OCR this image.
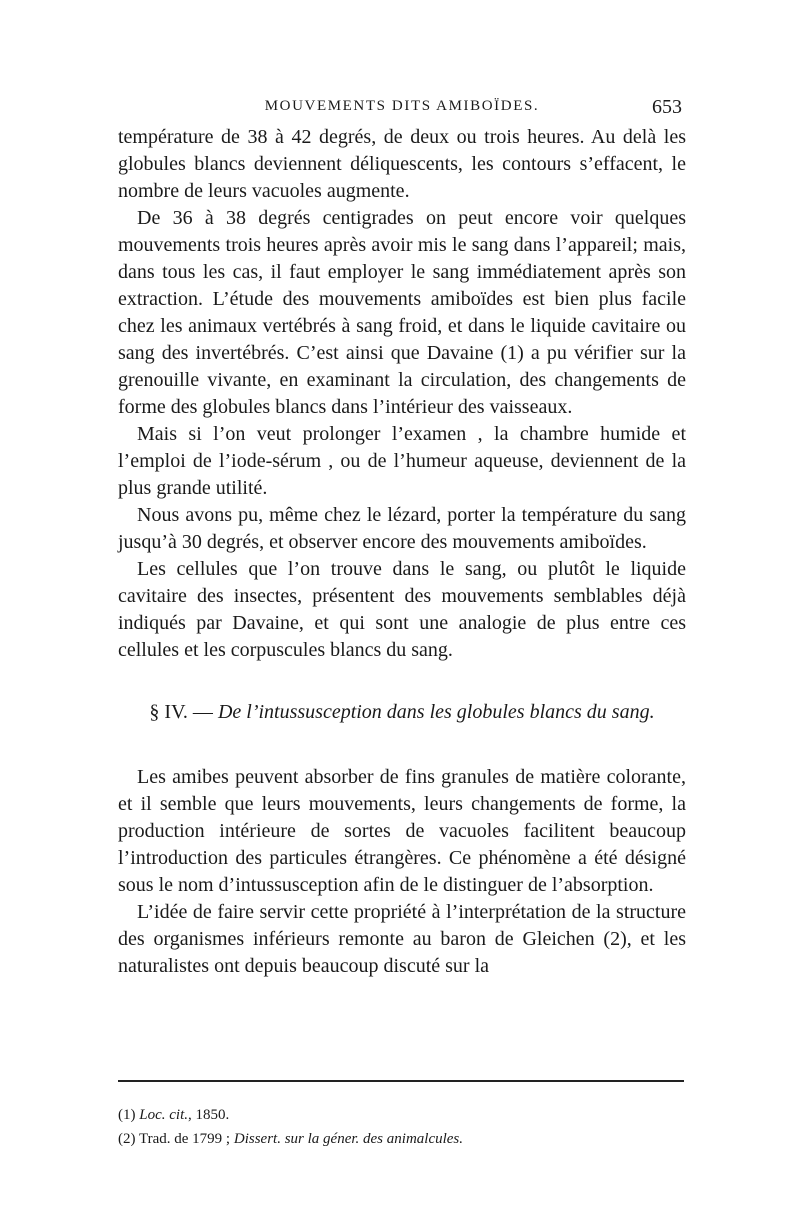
MOUVEMENTS DITS AMIBOÏDES.	653

température de 38 à 42 degrés, de deux ou trois heures. Au delà les globules blancs deviennent déliquescents, les contours s’effacent, le nombre de leurs vacuoles augmente.

De 36 à 38 degrés centigrades on peut encore voir quelques mouvements trois heures après avoir mis le sang dans l’appareil; mais, dans tous les cas, il faut employer le sang immédiatement après son extraction. L’étude des mouvements amiboïdes est bien plus facile chez les animaux vertébrés à sang froid, et dans le liquide cavitaire ou sang des invertébrés. C’est ainsi que Davaine (1) a pu vérifier sur la grenouille vivante, en examinant la circulation, des changements de forme des globules blancs dans l’intérieur des vaisseaux.

Mais si l’on veut prolonger l’examen , la chambre humide et l’emploi de l’iode-sérum , ou de l’humeur aqueuse, deviennent de la plus grande utilité.

Nous avons pu, même chez le lézard, porter la température du sang jusqu’à 30 degrés, et observer encore des mouvements amiboïdes.

Les cellules que l’on trouve dans le sang, ou plutôt le liquide cavitaire des insectes, présentent des mouvements semblables déjà indiqués par Davaine, et qui sont une analogie de plus entre ces cellules et les corpuscules blancs du sang.

§ IV. — De l’intussusception dans les globules blancs du sang.

Les amibes peuvent absorber de fins granules de matière colorante, et il semble que leurs mouvements, leurs changements de forme, la production intérieure de sortes de vacuoles facilitent beaucoup l’introduction des particules étrangères. Ce phénomène a été désigné sous le nom d’intussusception afin de le distinguer de l’absorption.

L’idée de faire servir cette propriété à l’interprétation de la structure des organismes inférieurs remonte au baron de Gleichen (2), et les naturalistes ont depuis beaucoup discuté sur la

(1) Loc. cit., 1850.

(2) Trad. de 1799 ; Dissert. sur la géner. des animalcules.
